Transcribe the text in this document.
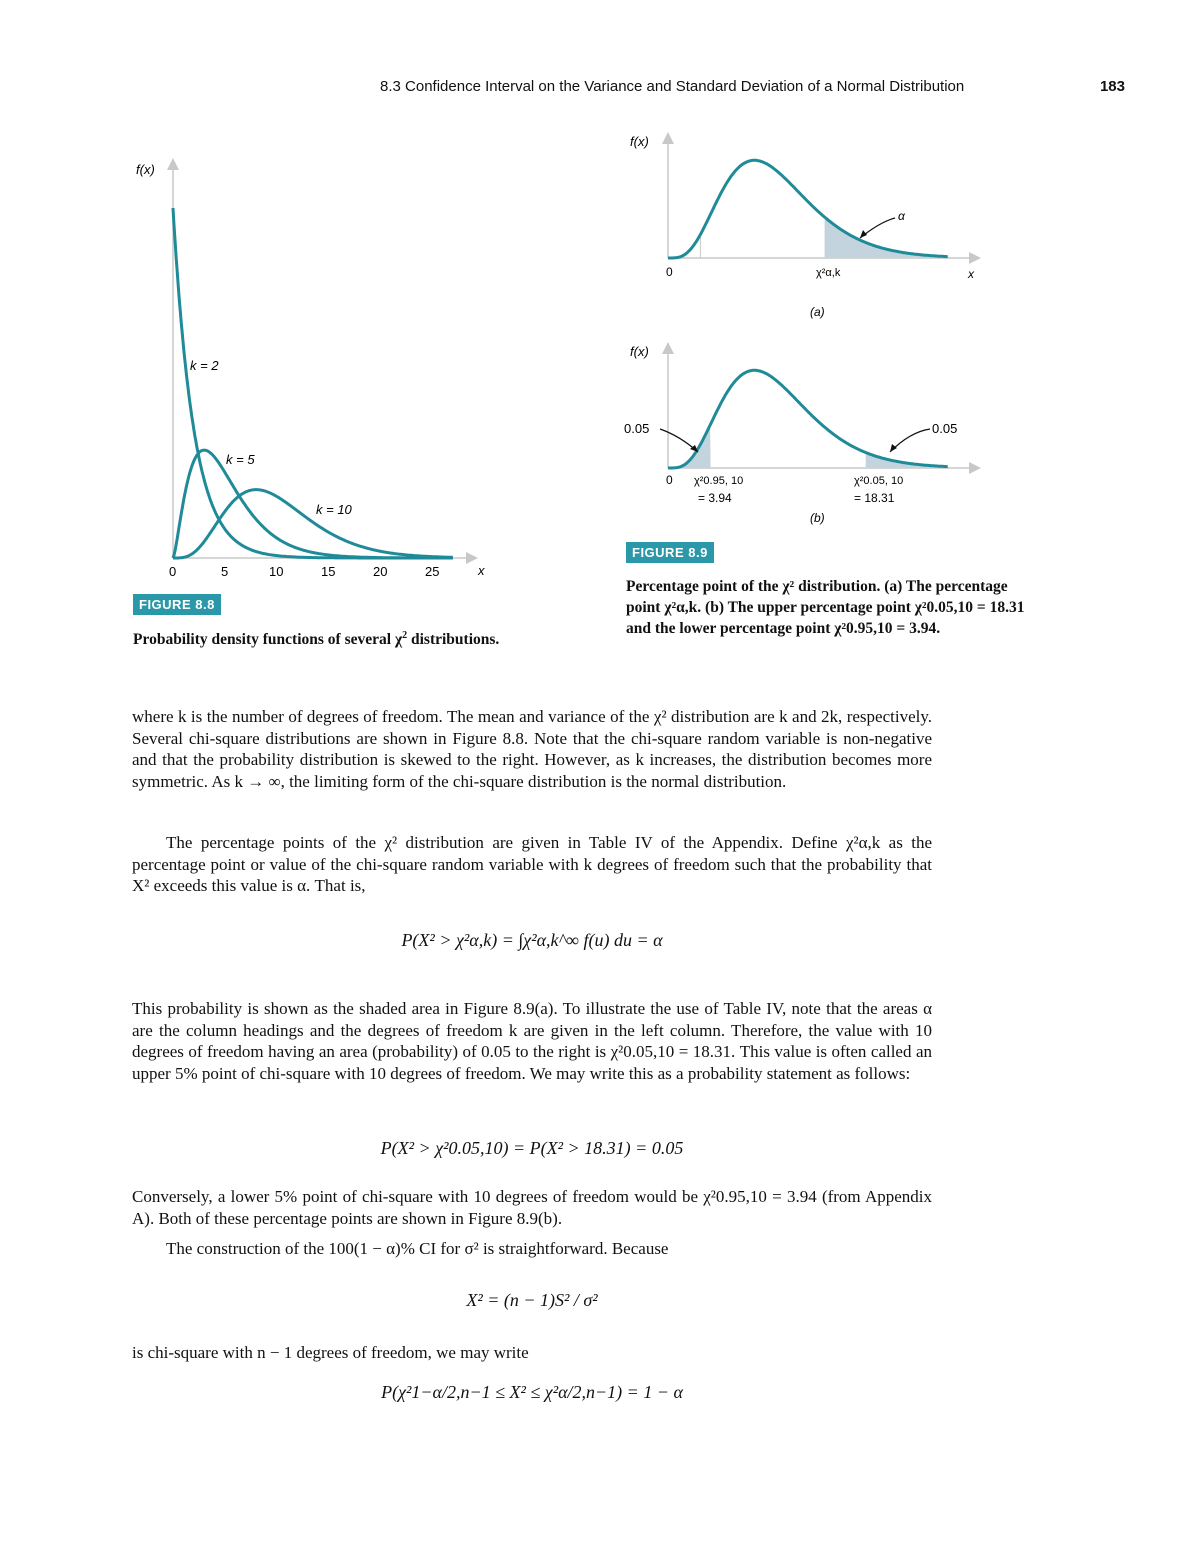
8.3 Confidence Interval on the Variance and Standard Deviation of a Normal Distribution	183
f(x)
x
0	5	10	15	20	25
k = 2
k = 5
k = 10
FIGURE 8.8
Probability density functions of several $\chi^2$ distributions.
f(x)
0	x
α
χ²α,k
(a)
f(x)
0
0.05	0.05
χ²0.95, 10
= 3.94
χ²0.05, 10
= 18.31
(b)
FIGURE 8.9
Percentage point of the χ² distribution. (a) The percentage
point χ²α,k. (b) The upper percentage point χ²0.05,10 = 18.31
and the lower percentage point χ²0.95,10 = 3.94.

where k is the number of degrees of freedom. The mean and variance of the χ² distribution are k and 2k, respectively. Several chi-square distributions are shown in Figure 8.8. Note that the chi-square random variable is non-negative and that the probability distribution is skewed to the right. However, as k increases, the distribution becomes more symmetric. As k → ∞, the limiting form of the chi-square distribution is the normal distribution.

The percentage points of the χ² distribution are given in Table IV of the Appendix. Define χ²α,k as the percentage point or value of the chi-square random variable with k degrees of freedom such that the probability that X² exceeds this value is α. That is,

P(X² > χ²α,k) = ∫χ²α,k^∞ f(u) du = α

This probability is shown as the shaded area in Figure 8.9(a). To illustrate the use of Table IV, note that the areas α are the column headings and the degrees of freedom k are given in the left column. Therefore, the value with 10 degrees of freedom having an area (probability) of 0.05 to the right is χ²0.05,10 = 18.31. This value is often called an upper 5% point of chi-square with 10 degrees of freedom. We may write this as a probability statement as follows:

P(X² > χ²0.05,10) = P(X² > 18.31) = 0.05

Conversely, a lower 5% point of chi-square with 10 degrees of freedom would be χ²0.95,10 = 3.94 (from Appendix A). Both of these percentage points are shown in Figure 8.9(b).

The construction of the 100(1 − α)% CI for σ² is straightforward. Because

X² = (n − 1)S² / σ²

is chi-square with n − 1 degrees of freedom, we may write

P(χ²1−α/2,n−1 ≤ X² ≤ χ²α/2,n−1) = 1 − α
